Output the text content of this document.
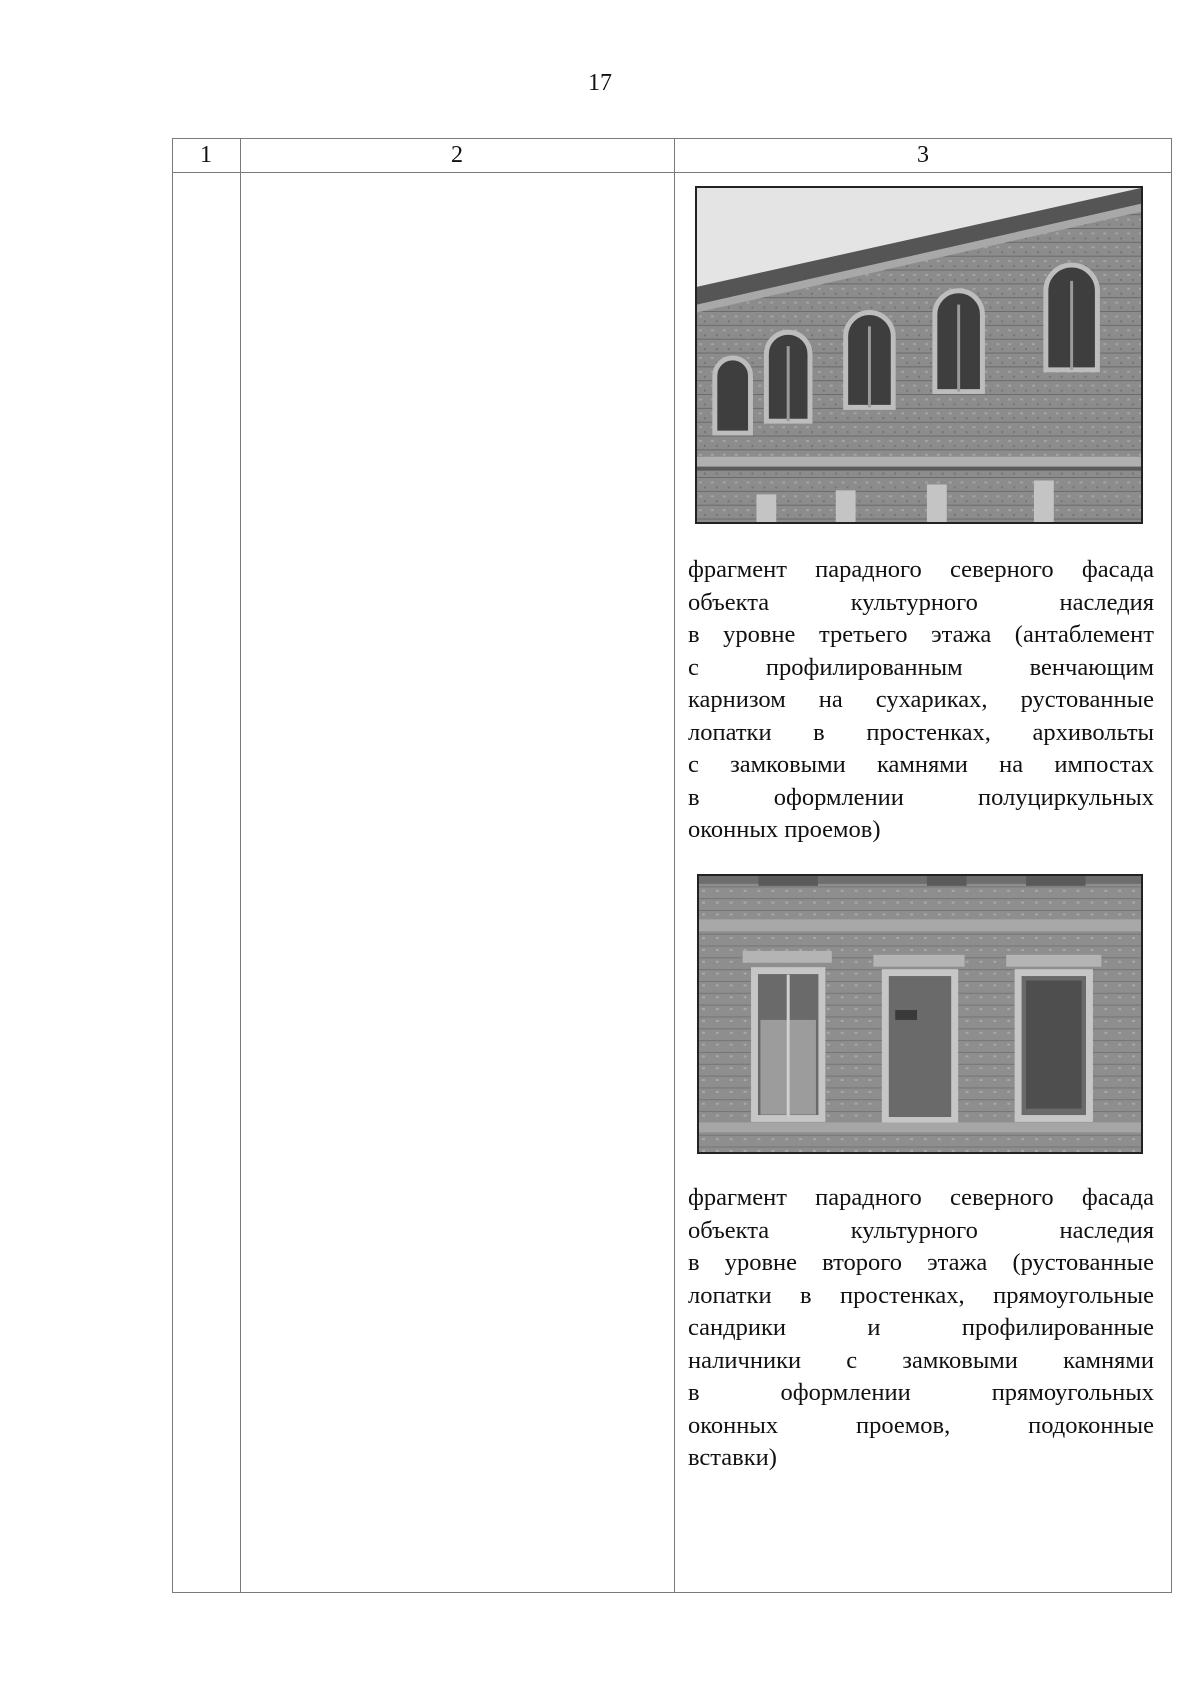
17
1	2	3
фрагмент парадного северного фасада
объекта	культурного	наследия
в уровне третьего этажа (антаблемент
с	профилированным	венчающим
карнизом на сухариках, рустованные
лопатки в простенках, архивольты
с замковыми камнями на импостах
в	оформлении	полуциркульных
оконных проемов)
фрагмент парадного северного фасада
объекта	культурного	наследия
в уровне второго этажа (рустованные
лопатки в простенках, прямоугольные
сандрики	и	профилированные
наличники с замковыми камнями
в	оформлении	прямоугольных
оконных	проемов,	подоконные
вставки)
